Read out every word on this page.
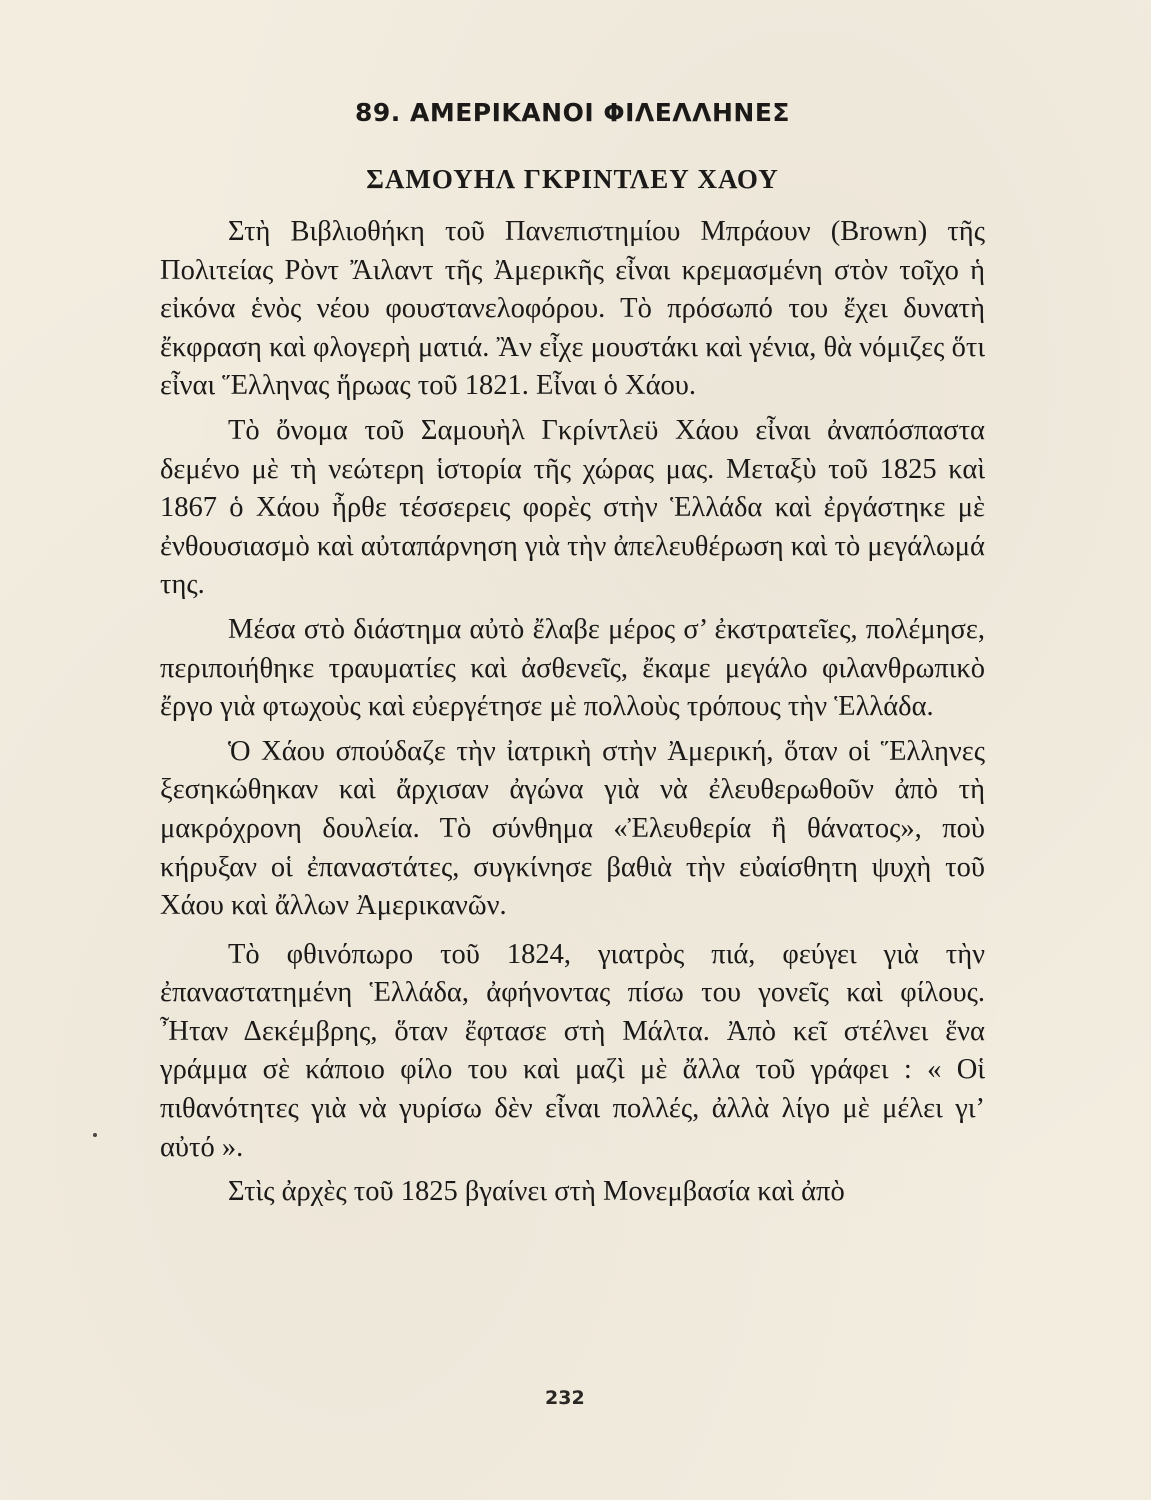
89. ΑΜΕΡΙΚΑΝΟΙ ΦΙΛΕΛΛΗΝΕΣ
ΣΑΜΟΥΗΛ ΓΚΡΙΝΤΛΕΥ ΧΑΟΥ

Στὴ Βιβλιοθήκη τοῦ Πανεπιστημίου Μπράουν (Brown) τῆς Πολιτείας Ρὸντ Ἄιλαντ τῆς Ἀμερικῆς εἶναι κρεμασμένη στὸν τοῖχο ἡ εἰκόνα ἑνὸς νέου φουστανελοφόρου. Τὸ πρόσωπό του ἔχει δυνατὴ ἔκφραση καὶ φλογερὴ ματιά. Ἂν εἶχε μουστάκι καὶ γένια, θὰ νόμιζες ὅτι εἶναι Ἕλληνας ἥρωας τοῦ 1821. Εἶναι ὁ Χάου.

Τὸ ὄνομα τοῦ Σαμουὴλ Γκρίντλεϋ Χάου εἶναι ἀναπόσπαστα δεμένο μὲ τὴ νεώτερη ἱστορία τῆς χώρας μας. Μεταξὺ τοῦ 1825 καὶ 1867 ὁ Χάου ἦρθε τέσσερεις φορὲς στὴν Ἑλλάδα καὶ ἐργάστηκε μὲ ἐνθουσιασμὸ καὶ αὐταπάρνηση γιὰ τὴν ἀπελευθέρωση καὶ τὸ μεγάλωμά της.

Μέσα στὸ διάστημα αὐτὸ ἔλαβε μέρος σ’ ἐκστρατεῖες, πολέμησε, περιποιήθηκε τραυματίες καὶ ἀσθενεῖς, ἔκαμε μεγάλο φιλανθρωπικὸ ἔργο γιὰ φτωχοὺς καὶ εὐεργέτησε μὲ πολλοὺς τρόπους τὴν Ἑλλάδα.

Ὁ Χάου σπούδαζε τὴν ἰατρικὴ στὴν Ἀμερική, ὅταν οἱ Ἕλληνες ξεσηκώθηκαν καὶ ἄρχισαν ἀγώνα γιὰ νὰ ἐλευθερωθοῦν ἀπὸ τὴ μακρόχρονη δουλεία. Τὸ σύνθημα «Ἐλευθερία ἢ θάνατος», ποὺ κήρυξαν οἱ ἐπαναστάτες, συγκίνησε βαθιὰ τὴν εὐαίσθητη ψυχὴ τοῦ Χάου καὶ ἄλλων Ἀμερικανῶν.

Τὸ φθινόπωρο τοῦ 1824, γιατρὸς πιά, φεύγει γιὰ τὴν ἐπαναστατημένη Ἑλλάδα, ἀφήνοντας πίσω του γονεῖς καὶ φίλους. Ἦταν Δεκέμβρης, ὅταν ἔφτασε στὴ Μάλτα. Ἀπὸ κεῖ στέλνει ἕνα γράμμα σὲ κάποιο φίλο του καὶ μαζὶ μὲ ἄλλα τοῦ γράφει : « Οἱ πιθανότητες γιὰ νὰ γυρίσω δὲν εἶναι πολλές, ἀλλὰ λίγο μὲ μέλει γι’ αὐτό ».

Στὶς ἀρχὲς τοῦ 1825 βγαίνει στὴ Μονεμβασία καὶ ἀπὸ

232
